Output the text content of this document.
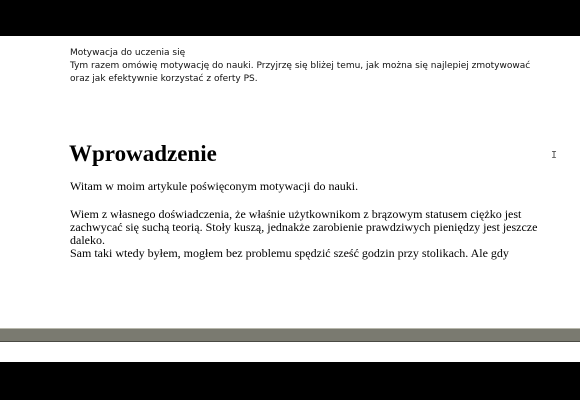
Motywacja do uczenia się
Tym razem omówię motywację do nauki. Przyjrzę się bliżej temu, jak można się najlepiej zmotywować
oraz jak efektywnie korzystać z oferty PS.
Wprowadzenie	I
Witam w moim artykule poświęconym motywacji do nauki.
Wiem z własnego doświadczenia, że właśnie użytkownikom z brązowym statusem ciężko jest
zachwycać się suchą teorią. Stoły kuszą, jednakże zarobienie prawdziwych pieniędzy jest jeszcze
daleko.
Sam taki wtedy byłem, mogłem bez problemu spędzić sześć godzin przy stolikach. Ale gdy
